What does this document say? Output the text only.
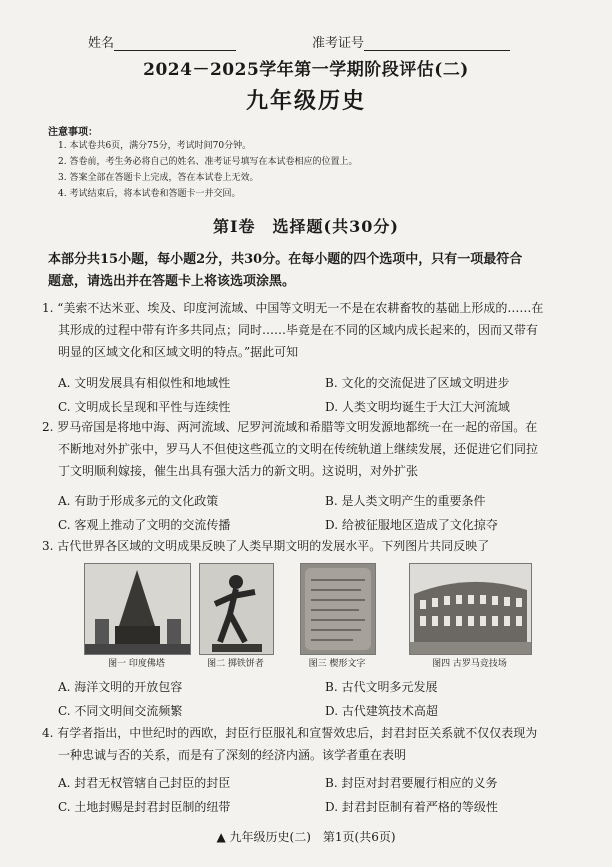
姓名	准考证号
2024－2025学年第一学期阶段评估(二)
九年级历史
注意事项：
1. 本试卷共6页，满分75分，考试时间70分钟。
2. 答卷前，考生务必将自己的姓名、准考证号填写在本试卷相应的位置上。
3. 答案全部在答题卡上完成，答在本试卷上无效。
4. 考试结束后，将本试卷和答题卡一并交回。
第Ⅰ卷　选择题(共30分)
本部分共15小题，每小题2分，共30分。在每小题的四个选项中，只有一项最符合
题意，请选出并在答题卡上将该选项涂黑。
1. “美索不达米亚、埃及、印度河流域、中国等文明无一不是在农耕畜牧的基础上形成的……在
其形成的过程中带有许多共同点；同时……毕竟是在不同的区域内成长起来的，因而又带有
明显的区域文化和区域文明的特点。”据此可知
A. 文明发展具有相似性和地域性	B. 文化的交流促进了区域文明进步
C. 文明成长呈现和平性与连续性	D. 人类文明均诞生于大江大河流域
2. 罗马帝国是将地中海、两河流域、尼罗河流域和希腊等文明发源地都统一在一起的帝国。在
不断地对外扩张中，罗马人不但使这些孤立的文明在传统轨道上继续发展，还促进它们同拉
丁文明顺利嫁接，催生出具有强大活力的新文明。这说明，对外扩张
A. 有助于形成多元的文化政策	B. 是人类文明产生的重要条件
C. 客观上推动了文明的交流传播	D. 给被征服地区造成了文化掠夺
3. 古代世界各区域的文明成果反映了人类早期文明的发展水平。下列图片共同反映了
图一 印度佛塔	图二 掷铁饼者	图三 楔形文字	图四 古罗马竞技场
A. 海洋文明的开放包容	B. 古代文明多元发展
C. 不同文明间交流频繁	D. 古代建筑技术高超
4. 有学者指出，中世纪时的西欧，封臣行臣服礼和宣誓效忠后，封君封臣关系就不仅仅表现为
一种忠诚与否的关系，而是有了深刻的经济内涵。该学者重在表明
A. 封君无权管辖自己封臣的封臣	B. 封臣对封君要履行相应的义务
C. 土地封赐是封君封臣制的纽带	D. 封君封臣制有着严格的等级性
▲ 九年级历史(二)　第1页(共6页)
